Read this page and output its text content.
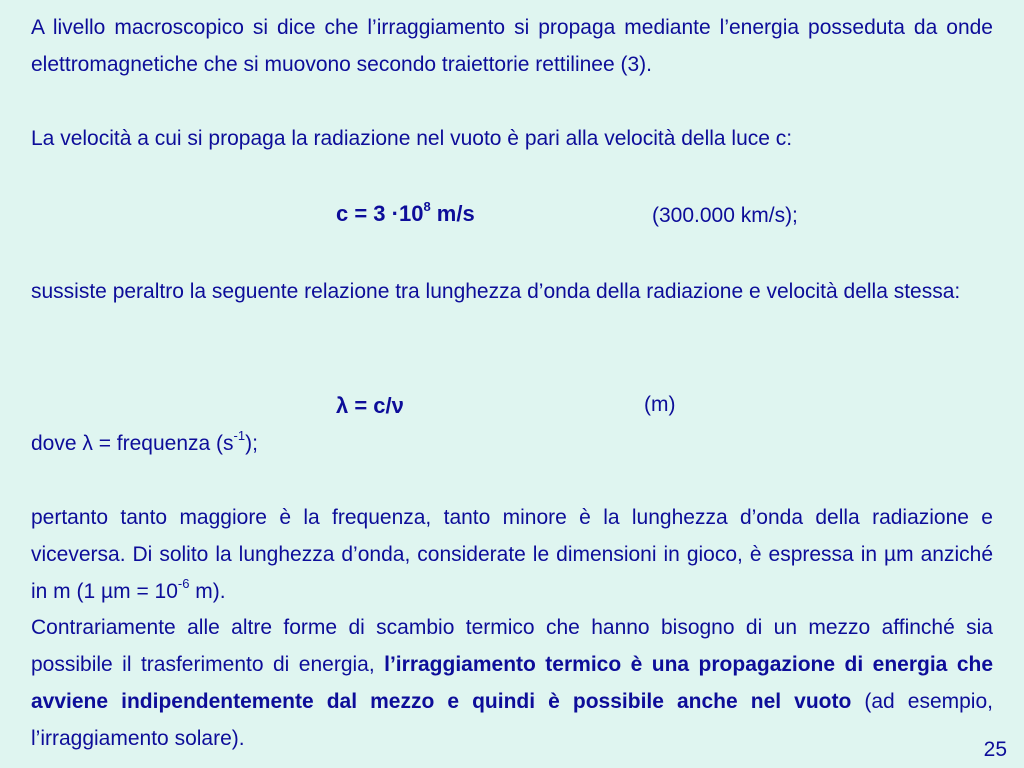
A livello macroscopico si dice che l’irraggiamento si propaga mediante l’energia posseduta da onde elettromagnetiche che si muovono secondo traiettorie rettilinee (3).
La velocità a cui si propaga la radiazione nel vuoto è pari alla velocità della luce c:
$c = 3 \cdot 10^8$ m/s	(300.000 km/s);
sussiste peraltro la seguente relazione tra lunghezza d’onda della radiazione e velocità della stessa:
λ = c/ν	(m)
dove λ = frequenza $(s^{-1})$;
pertanto tanto maggiore è la frequenza, tanto minore è la lunghezza d’onda della radiazione e viceversa. Di solito la lunghezza d’onda, considerate le dimensioni in gioco, è espressa in µm anziché in m (1 $\mu m = 10^{-6}$ m).
Contrariamente alle altre forme di scambio termico che hanno bisogno di un mezzo affinché sia possibile il trasferimento di energia, l’irraggiamento termico è una propagazione di energia che avviene indipendentemente dal mezzo e quindi è possibile anche nel vuoto (ad esempio, l’irraggiamento solare).	25
